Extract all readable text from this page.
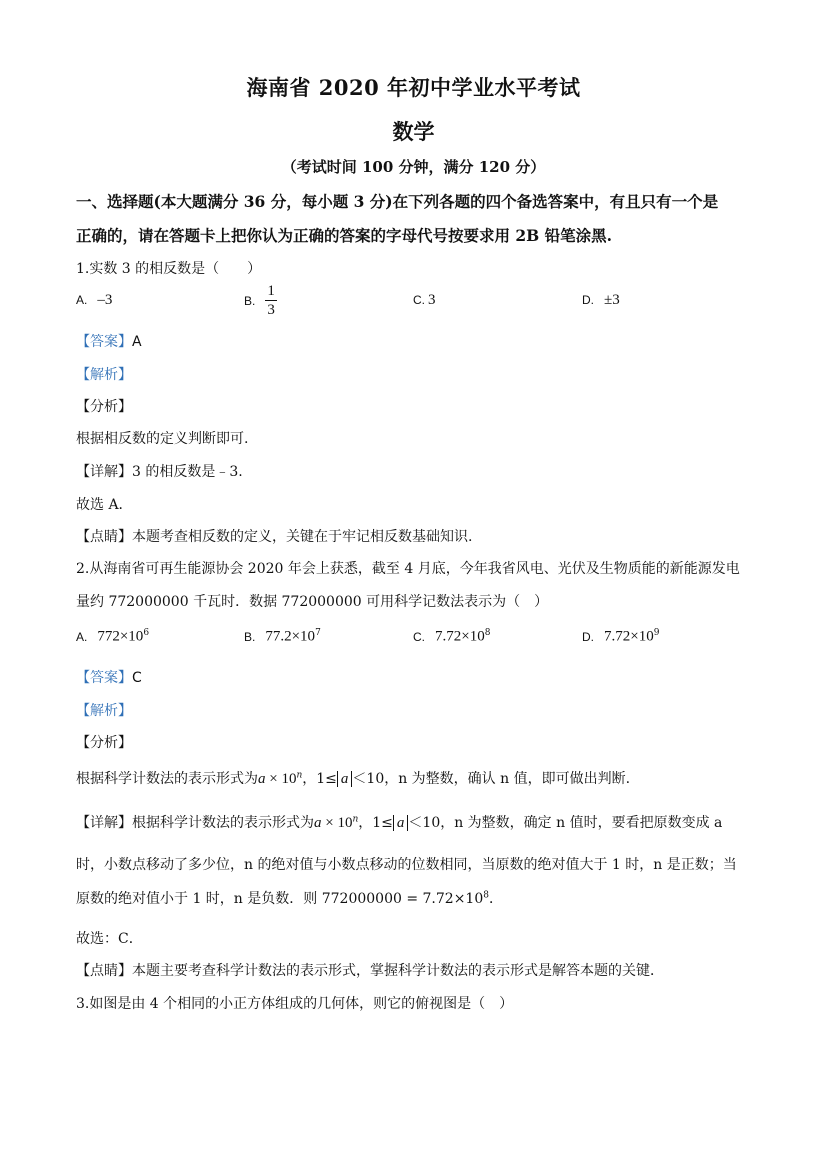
海南省 2020 年初中学业水平考试
数学
（考试时间 100 分钟，满分 120 分）
一、选择题(本大题满分 36 分，每小题 3 分)在下列各题的四个备选答案中，有且只有一个是
正确的，请在答题卡上把你认为正确的答案的字母代号按要求用 2B 铅笔涂黑.
1.实数 3 的相反数是（　　）
A. –3	B. $\frac{1}{3}$	C. 3	D. ±3
【答案】A
【解析】
【分析】
根据相反数的定义判断即可.
【详解】3 的相反数是﹣3.
故选 A．
【点睛】本题考查相反数的定义，关键在于牢记相反数基础知识.
2.从海南省可再生能源协会 2020 年会上获悉，截至 4 月底，今年我省风电、光伏及生物质能的新能源发电
量约 772000000 千瓦时．数据 772000000 可用科学记数法表示为（　）
A. $772\times 10^6$	B. $77.2\times 10^7$	C. $7.72\times 10^8$	D. $7.72\times 10^9$
【答案】C
【解析】
【分析】
根据科学计数法的表示形式为$a \times 10^n$，1≤ a ＜10，n 为整数，确认 n 值，即可做出判断.
【详解】根据科学计数法的表示形式为$a \times 10^n$，1≤ a ＜10，n 为整数，确定 n 值时，要看把原数变成 a
时，小数点移动了多少位，n 的绝对值与小数点移动的位数相同，当原数的绝对值大于 1 时，n 是正数；当
原数的绝对值小于 1 时，n 是负数．则 $772000000 = 7.72\times 10^8$．
故选：C．
【点睛】本题主要考查科学计数法的表示形式，掌握科学计数法的表示形式是解答本题的关键．
3.如图是由 4 个相同的小正方体组成的几何体，则它的俯视图是（　）
